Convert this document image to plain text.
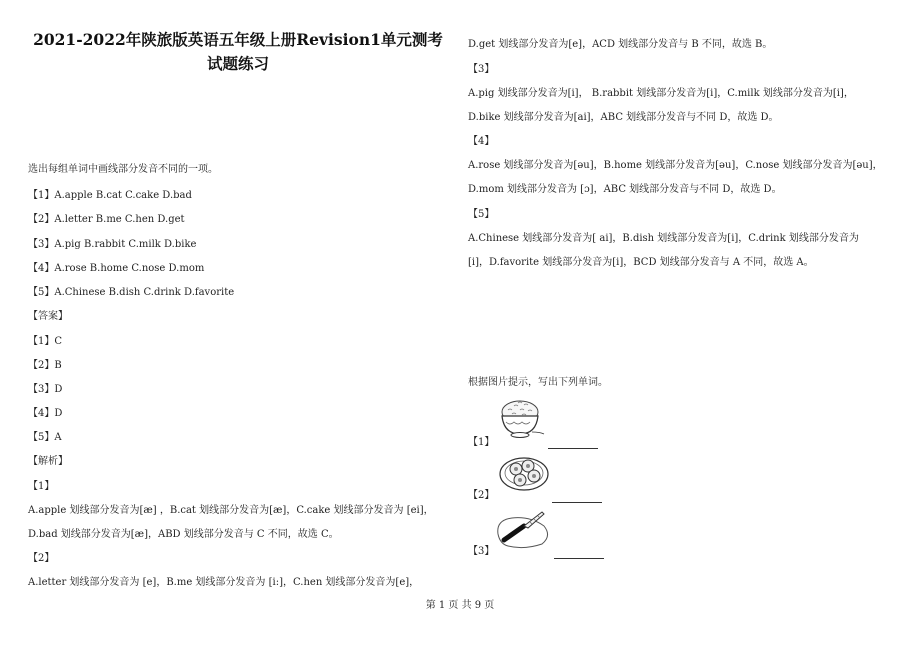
2021-2022年陕旅版英语五年级上册Revision1单元测考试题练习
选出每组单词中画线部分发音不同的一项。
【1】A.apple B.cat C.cake D.bad
【2】A.letter B.me C.hen D.get
【3】A.pig B.rabbit C.milk D.bike
【4】A.rose B.home C.nose D.mom
【5】A.Chinese B.dish C.drink D.favorite
【答案】
【1】C
【2】B
【3】D
【4】D
【5】A
【解析】
【1】
A.apple 划线部分发音为[æ] ，B.cat 划线部分发音为[æ]，C.cake 划线部分发音为 [ei]，
D.bad 划线部分发音为[æ]，ABD 划线部分发音与 C 不同，故选 C。
【2】
A.letter 划线部分发音为 [e]，B.me 划线部分发音为 [i:]，C.hen 划线部分发音为[e]，
D.get 划线部分发音为[e]，ACD 划线部分发音与 B 不同，故选 B。
【3】
A.pig 划线部分发音为[i]， B.rabbit 划线部分发音为[i]，C.milk 划线部分发音为[i]，
D.bike 划线部分发音为[ai]，ABC 划线部分发音与不同 D，故选 D。
【4】
A.rose 划线部分发音为[əu]，B.home 划线部分发音为[əu]，C.nose 划线部分发音为[əu]，
D.mom 划线部分发音为 [ɔ]，ABC 划线部分发音与不同 D，故选 D。
【5】
A.Chinese 划线部分发音为[ ai]，B.dish 划线部分发音为[i]，C.drink 划线部分发音为
[i]，D.favorite 划线部分发音为[i]，BCD 划线部分发音与 A 不同，故选 A。
根据图片提示，写出下列单词。
【1】
【2】
【3】
第 1 页 共 9 页
